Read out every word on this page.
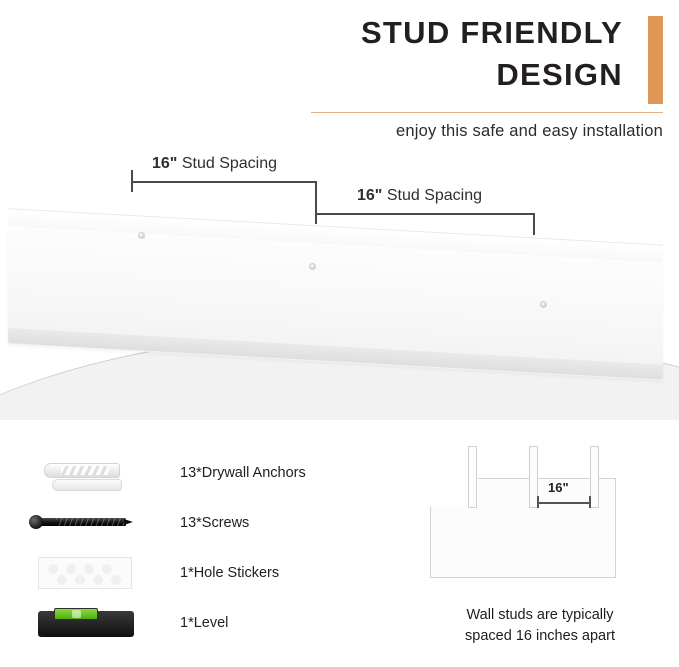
STUD FRIENDLY
DESIGN
enjoy this safe and easy installation
16" Stud Spacing
16" Stud Spacing
13*Drywall Anchors
13*Screws
1*Hole Stickers
1*Level
16"
Wall studs are typically
spaced 16 inches apart
